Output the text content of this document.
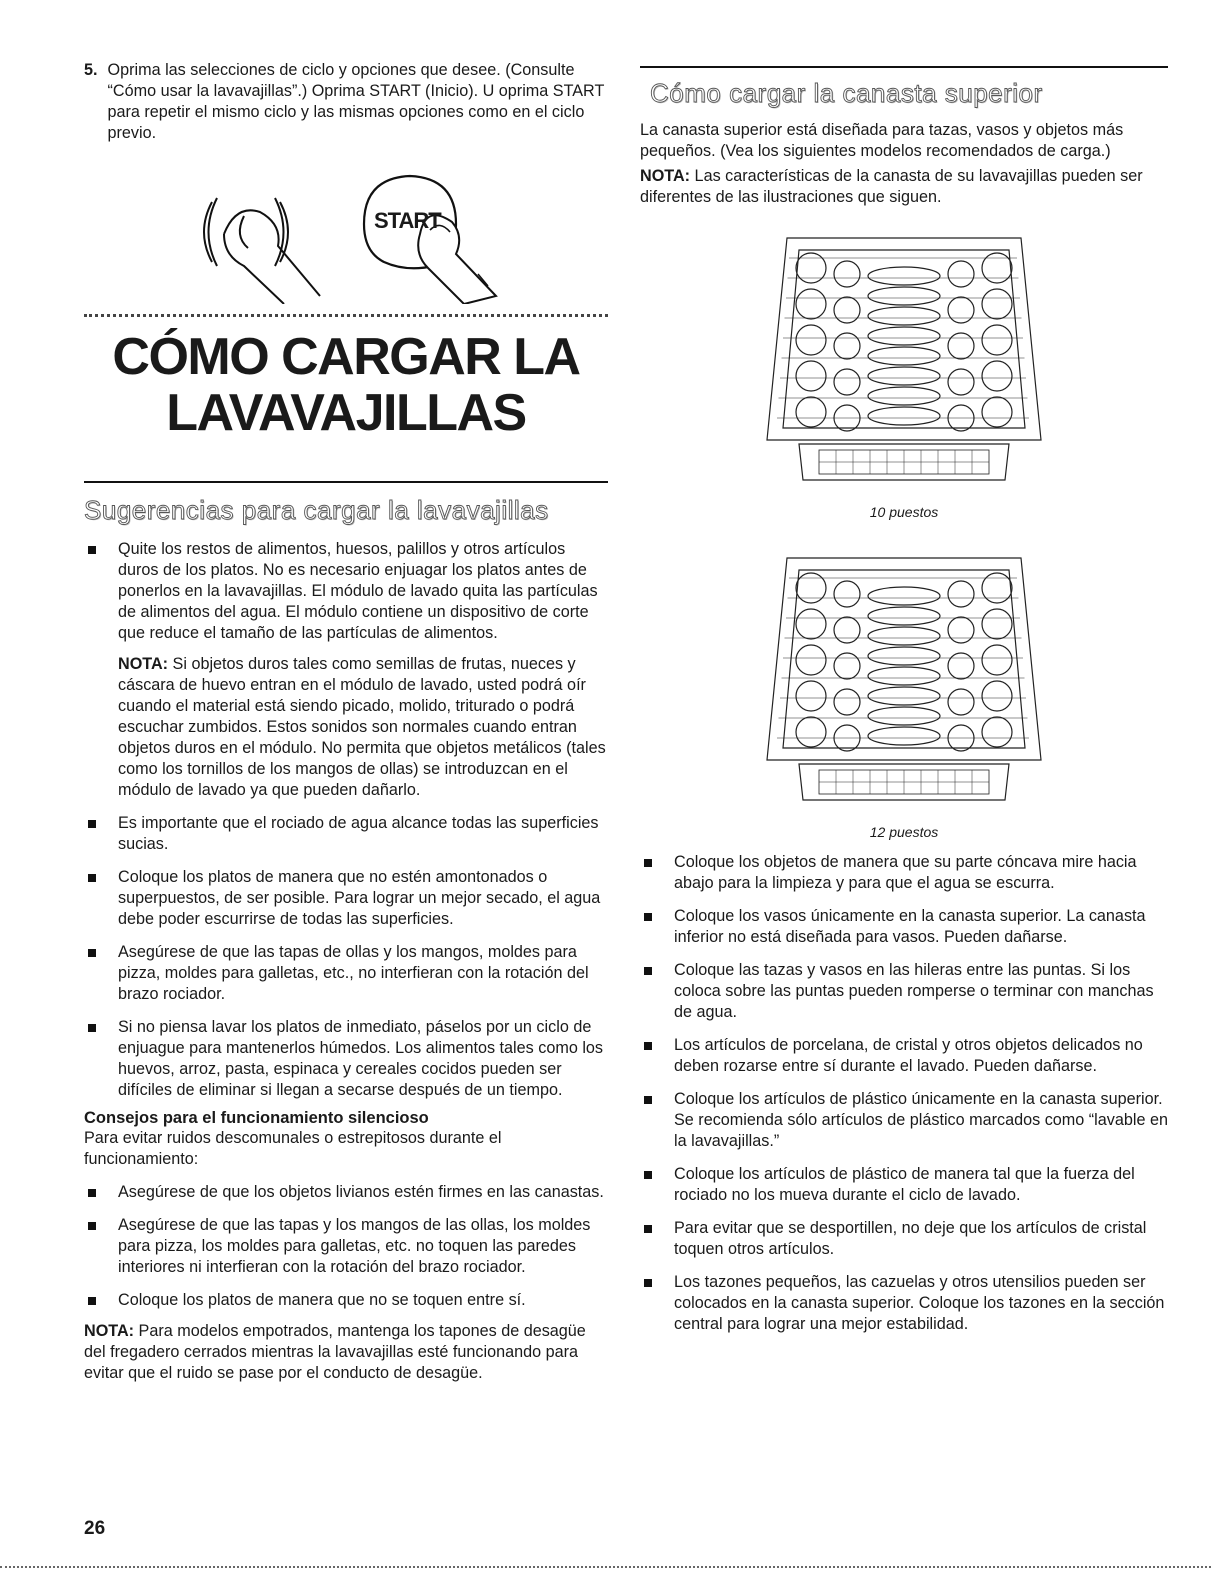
5. Oprima las selecciones de ciclo y opciones que desee. (Consulte “Cómo usar la lavavajillas”.) Oprima START (Inicio). U oprima START para repetir el mismo ciclo y las mismas opciones como en el ciclo previo.

START
CÓMO CARGAR LA
LAVAVAJILLAS
Sugerencias para cargar la lavavajillas

Quite los restos de alimentos, huesos, palillos y otros artículos duros de los platos. No es necesario enjuagar los platos antes de ponerlos en la lavavajillas. El módulo de lavado quita las partículas de alimentos del agua. El módulo contiene un dispositivo de corte que reduce el tamaño de las partículas de alimentos.

NOTA: Si objetos duros tales como semillas de frutas, nueces y cáscara de huevo entran en el módulo de lavado, usted podrá oír cuando el material está siendo picado, molido, triturado o podrá escuchar zumbidos. Estos sonidos son normales cuando entran objetos duros en el módulo. No permita que objetos metálicos (tales como los tornillos de los mangos de ollas) se introduzcan en el módulo de lavado ya que pueden dañarlo.

Es importante que el rociado de agua alcance todas las superficies sucias.

Coloque los platos de manera que no estén amontonados o superpuestos, de ser posible. Para lograr un mejor secado, el agua debe poder escurrirse de todas las superficies.

Asegúrese de que las tapas de ollas y los mangos, moldes para pizza, moldes para galletas, etc., no interfieran con la rotación del brazo rociador.

Si no piensa lavar los platos de inmediato, páselos por un ciclo de enjuague para mantenerlos húmedos. Los alimentos tales como los huevos, arroz, pasta, espinaca y cereales cocidos pueden ser difíciles de eliminar si llegan a secarse después de un tiempo.

Consejos para el funcionamiento silencioso

Para evitar ruidos descomunales o estrepitosos durante el funcionamiento:

Asegúrese de que los objetos livianos estén firmes en las canastas.

Asegúrese de que las tapas y los mangos de las ollas, los moldes para pizza, los moldes para galletas, etc. no toquen las paredes interiores ni interfieran con la rotación del brazo rociador.

Coloque los platos de manera que no se toquen entre sí.

NOTA: Para modelos empotrados, mantenga los tapones de desagüe del fregadero cerrados mientras la lavavajillas esté funcionando para evitar que el ruido se pase por el conducto de desagüe.

Cómo cargar la canasta superior

La canasta superior está diseñada para tazas, vasos y objetos más pequeños. (Vea los siguientes modelos recomendados de carga.)

NOTA: Las características de la canasta de su lavavajillas pueden ser diferentes de las ilustraciones que siguen.

10 puestos
12 puestos

Coloque los objetos de manera que su parte cóncava mire hacia abajo para la limpieza y para que el agua se escurra.

Coloque los vasos únicamente en la canasta superior. La canasta inferior no está diseñada para vasos. Pueden dañarse.

Coloque las tazas y vasos en las hileras entre las puntas. Si los coloca sobre las puntas pueden romperse o terminar con manchas de agua.

Los artículos de porcelana, de cristal y otros objetos delicados no deben rozarse entre sí durante el lavado. Pueden dañarse.

Coloque los artículos de plástico únicamente en la canasta superior. Se recomienda sólo artículos de plástico marcados como “lavable en la lavavajillas.”

Coloque los artículos de plástico de manera tal que la fuerza del rociado no los mueva durante el ciclo de lavado.

Para evitar que se desportillen, no deje que los artículos de cristal toquen otros artículos.

Los tazones pequeños, las cazuelas y otros utensilios pueden ser colocados en la canasta superior. Coloque los tazones en la sección central para lograr una mejor estabilidad.

26
